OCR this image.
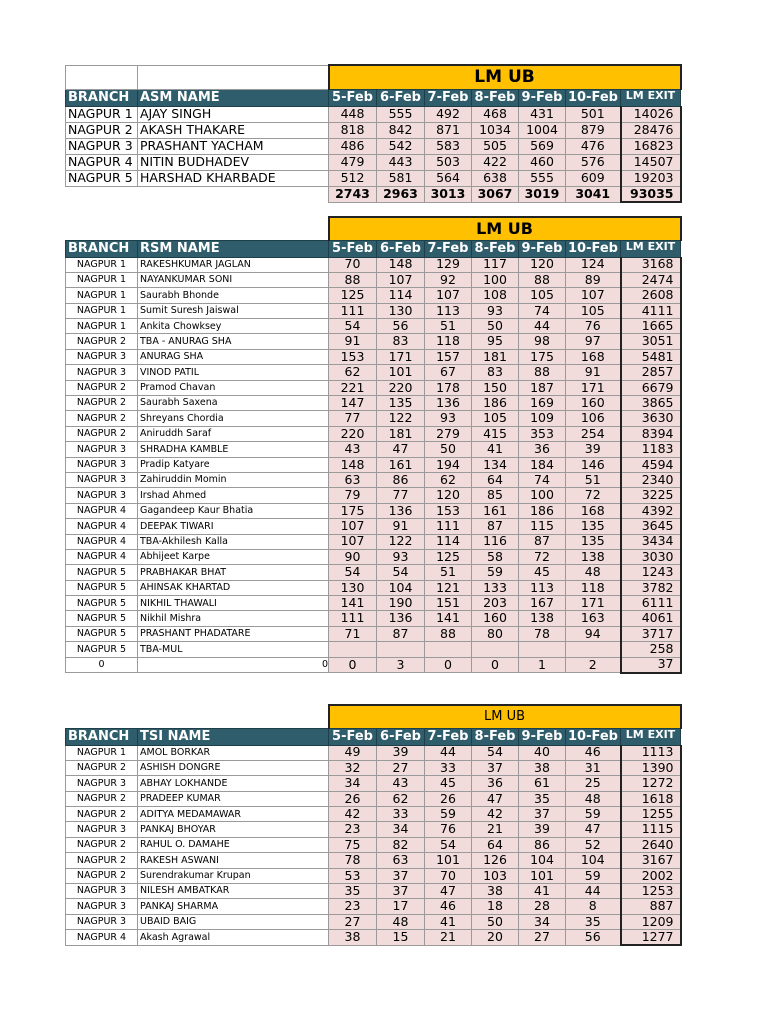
		LM UB						
BRANCH	ASM NAME	5-Feb	6-Feb	7-Feb	8-Feb	9-Feb	10-Feb	LM EXIT
NAGPUR 1	AJAY SINGH	448	555	492	468	431	501	14026
NAGPUR 2	AKASH THAKARE	818	842	871	1034	1004	879	28476
NAGPUR 3	PRASHANT YACHAM	486	542	583	505	569	476	16823
NAGPUR 4	NITIN BUDHADEV	479	443	503	422	460	576	14507
NAGPUR 5	HARSHAD KHARBADE	512	581	564	638	555	609	19203
		2743	2963	3013	3067	3019	3041	93035
		LM UB						
BRANCH	RSM NAME	5-Feb	6-Feb	7-Feb	8-Feb	9-Feb	10-Feb	LM EXIT
NAGPUR 1	RAKESHKUMAR JAGLAN	70	148	129	117	120	124	3168
NAGPUR 1	NAYANKUMAR SONI	88	107	92	100	88	89	2474
NAGPUR 1	Saurabh Bhonde	125	114	107	108	105	107	2608
NAGPUR 1	Sumit Suresh Jaiswal	111	130	113	93	74	105	4111
NAGPUR 1	Ankita Chowksey	54	56	51	50	44	76	1665
NAGPUR 2	TBA - ANURAG SHA	91	83	118	95	98	97	3051
NAGPUR 3	ANURAG SHA	153	171	157	181	175	168	5481
NAGPUR 3	VINOD PATIL	62	101	67	83	88	91	2857
NAGPUR 2	Pramod Chavan	221	220	178	150	187	171	6679
NAGPUR 2	Saurabh Saxena	147	135	136	186	169	160	3865
NAGPUR 2	Shreyans Chordia	77	122	93	105	109	106	3630
NAGPUR 2	Aniruddh Saraf	220	181	279	415	353	254	8394
NAGPUR 3	SHRADHA KAMBLE	43	47	50	41	36	39	1183
NAGPUR 3	Pradip Katyare	148	161	194	134	184	146	4594
NAGPUR 3	Zahiruddin Momin	63	86	62	64	74	51	2340
NAGPUR 3	Irshad Ahmed	79	77	120	85	100	72	3225
NAGPUR 4	Gagandeep Kaur Bhatia	175	136	153	161	186	168	4392
NAGPUR 4	DEEPAK TIWARI	107	91	111	87	115	135	3645
NAGPUR 4	TBA-Akhilesh Kalla	107	122	114	116	87	135	3434
NAGPUR 4	Abhijeet Karpe	90	93	125	58	72	138	3030
NAGPUR 5	PRABHAKAR BHAT	54	54	51	59	45	48	1243
NAGPUR 5	AHINSAK KHARTAD	130	104	121	133	113	118	3782
NAGPUR 5	NIKHIL THAWALI	141	190	151	203	167	171	6111
NAGPUR 5	Nikhil Mishra	111	136	141	160	138	163	4061
NAGPUR 5	PRASHANT PHADATARE	71	87	88	80	78	94	3717
NAGPUR 5	TBA-MUL							258
0	0	0	3	0	0	1	2	37
		LM UB						
BRANCH	TSI NAME	5-Feb	6-Feb	7-Feb	8-Feb	9-Feb	10-Feb	LM EXIT
NAGPUR 1	AMOL BORKAR	49	39	44	54	40	46	1113
NAGPUR 2	ASHISH DONGRE	32	27	33	37	38	31	1390
NAGPUR 3	ABHAY LOKHANDE	34	43	45	36	61	25	1272
NAGPUR 2	PRADEEP KUMAR	26	62	26	47	35	48	1618
NAGPUR 2	ADITYA MEDAMAWAR	42	33	59	42	37	59	1255
NAGPUR 3	PANKAJ BHOYAR	23	34	76	21	39	47	1115
NAGPUR 2	RAHUL O. DAMAHE	75	82	54	64	86	52	2640
NAGPUR 2	RAKESH ASWANI	78	63	101	126	104	104	3167
NAGPUR 2	Surendrakumar Krupan	53	37	70	103	101	59	2002
NAGPUR 3	NILESH AMBATKAR	35	37	47	38	41	44	1253
NAGPUR 3	PANKAJ SHARMA	23	17	46	18	28	8	887
NAGPUR 3	UBAID BAIG	27	48	41	50	34	35	1209
NAGPUR 4	Akash Agrawal	38	15	21	20	27	56	1277
